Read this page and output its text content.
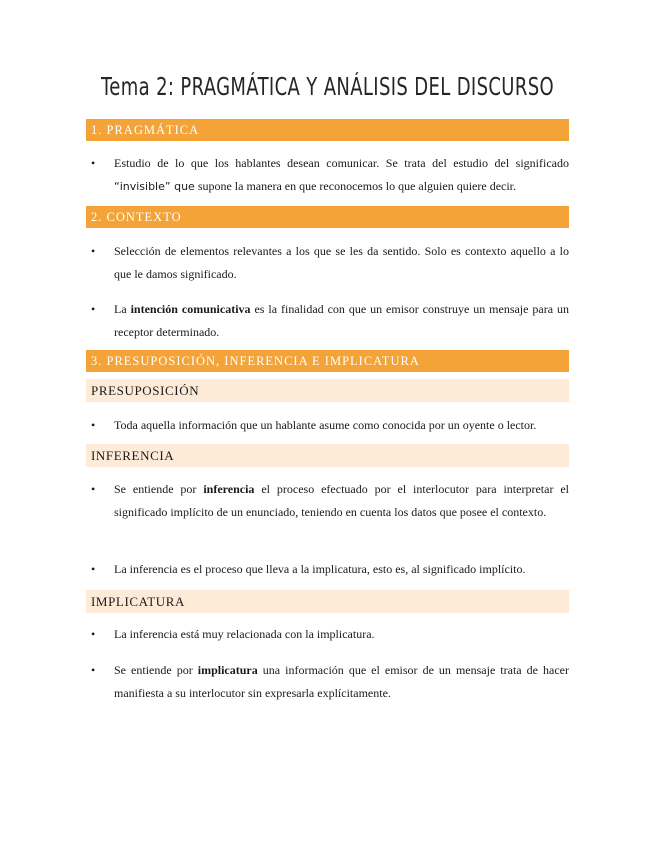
Tema 2: PRAGMÁTICA Y ANÁLISIS DEL DISCURSO
1. PRAGMÁTICA
•	Estudio de lo que los hablantes desean comunicar. Se trata del estudio del significado “invisible” que supone la manera en que reconocemos lo que alguien quiere decir.
2. CONTEXTO
•	Selección de elementos relevantes a los que se les da sentido. Solo es contexto aquello a lo que le damos significado.
•	La intención comunicativa es la finalidad con que un emisor construye un mensaje para un receptor determinado.
3. PRESUPOSICIÓN, INFERENCIA E IMPLICATURA
PRESUPOSICIÓN
•	Toda aquella información que un hablante asume como conocida por un oyente o lector.
INFERENCIA
•	Se entiende por inferencia el proceso efectuado por el interlocutor para interpretar el significado implícito de un enunciado, teniendo en cuenta los datos que posee el contexto.
•	La inferencia es el proceso que lleva a la implicatura, esto es, al significado implícito.
IMPLICATURA
•	La inferencia está muy relacionada con la implicatura.
•	Se entiende por implicatura una información que el emisor de un mensaje trata de hacer manifiesta a su interlocutor sin expresarla explícitamente.
